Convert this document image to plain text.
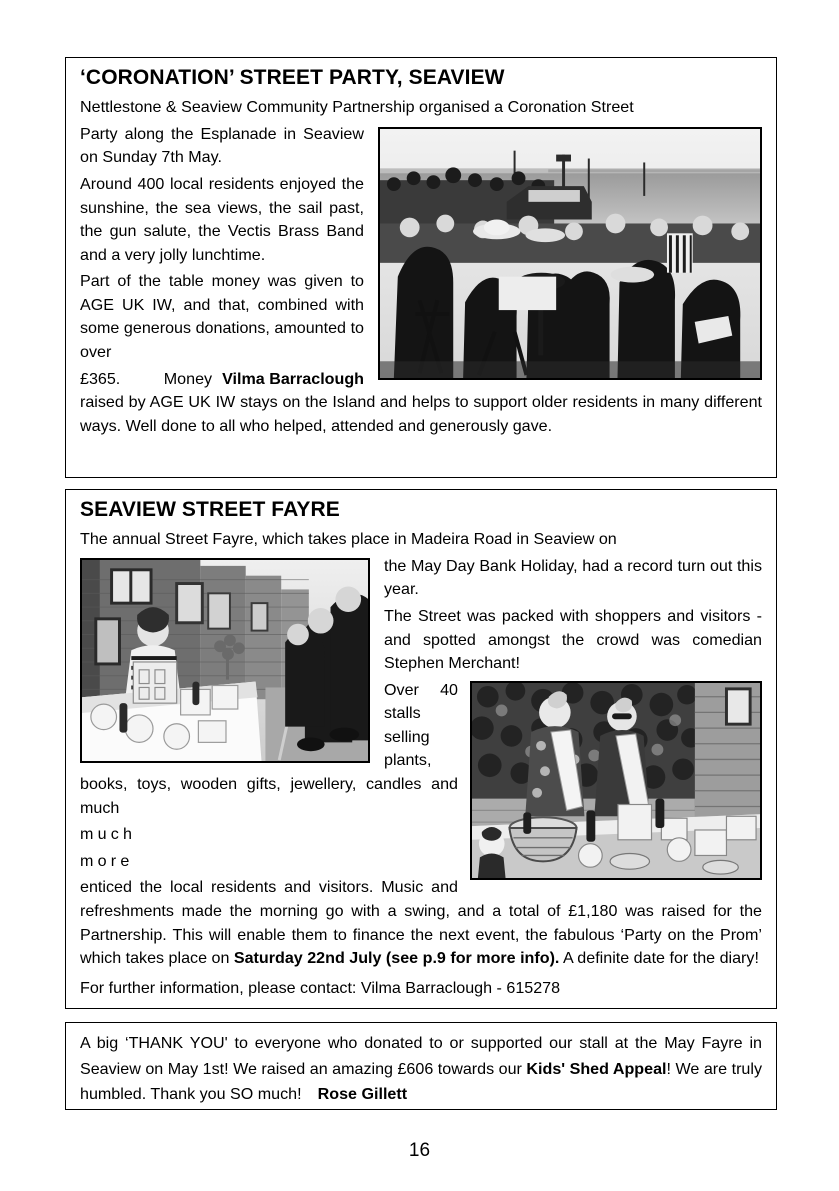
‘CORONATION’ STREET PARTY, SEAVIEW

Nettlestone & Seaview Community Partnership organised a Coronation Street

Party along the Esplanade in Seaview on Sunday 7th May.

Around 400 local residents enjoyed the sunshine, the sea views, the sail past, the gun salute, the Vectis Brass Band and a very jolly lunchtime.

Part of the table money was given to AGE UK IW, and that, combined with some generous donations, amounted to over

Vilma Barraclough
£365. Money raised by AGE UK IW stays on the Island and helps to support older residents in many different ways. Well done to all who helped, attended and generously gave.

SEAVIEW STREET FAYRE

The annual Street Fayre, which takes place in Madeira Road in Seaview on

the May Day Bank Holiday, had a record turn out this year.

The Street was packed with shoppers and visitors - and spotted amongst the crowd was comedian Stephen Merchant!

Over 40 stalls selling plants, books, toys, wooden gifts, jewellery, candles and much

much

more

enticed the local residents and visitors. Music and refreshments made the morning go with a swing, and a total of £1,180 was raised for the Partnership. This will enable them to finance the next event, the fabulous ‘Party on the Prom’ which takes place on Saturday 22nd July (see p.9 for more info). A definite date for the diary!

For further information, please contact: Vilma Barraclough - 615278

A big ‘THANK YOU' to everyone who donated to or supported our stall at the May Fayre in Seaview on May 1st! We raised an amazing £606 towards our Kids' Shed Appeal! We are truly humbled. Thank you SO much! Rose Gillett

16
